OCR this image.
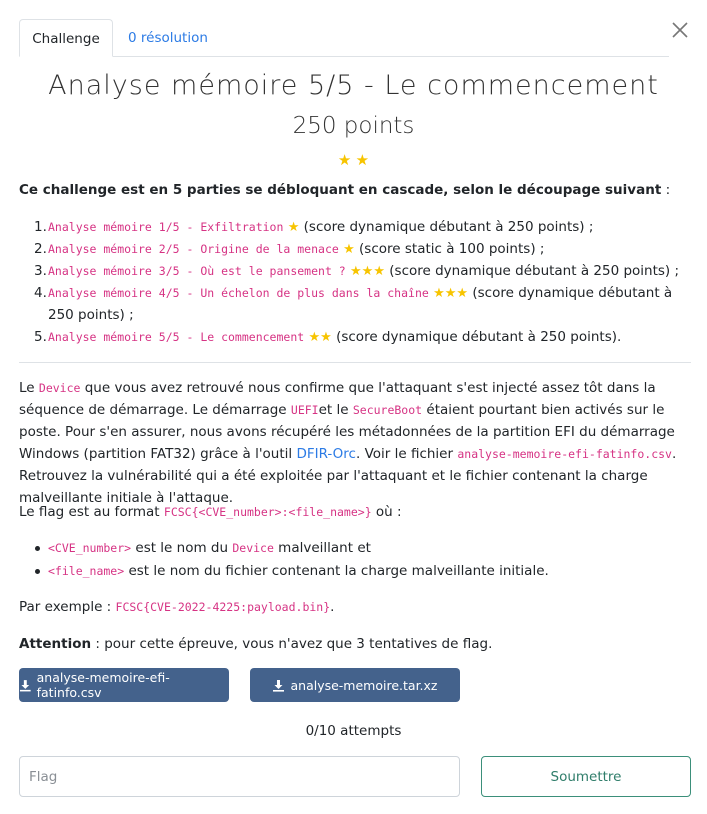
Challenge	0 résolution
Analyse mémoire 5/5 - Le commencement
250 points
★ ★
Ce challenge est en 5 parties se débloquant en cascade, selon le découpage suivant :
1. Analyse mémoire 1/5 - Exfiltration ★ (score dynamique débutant à 250 points) ;
2. Analyse mémoire 2/5 - Origine de la menace ★ (score static à 100 points) ;
3. Analyse mémoire 3/5 - Où est le pansement ? ★★★ (score dynamique débutant à 250 points) ;
4. Analyse mémoire 4/5 - Un échelon de plus dans la chaîne ★★★ (score dynamique débutant à 250 points) ;
5. Analyse mémoire 5/5 - Le commencement ★★ (score dynamique débutant à 250 points).
Le Device que vous avez retrouvé nous confirme que l'attaquant s'est injecté assez tôt dans la séquence de démarrage. Le démarrage UEFIet le SecureBoot étaient pourtant bien activés sur le poste. Pour s'en assurer, nous avons récupéré les métadonnées de la partition EFI du démarrage Windows (partition FAT32) grâce à l'outil DFIR-Orc. Voir le fichier analyse-memoire-efi-fatinfo.csv. Retrouvez la vulnérabilité qui a été exploitée par l'attaquant et le fichier contenant la charge malveillante initiale à l'attaque.
Le flag est au format FCSC{<CVE_number>:<file_name>} où :
<CVE_number> est le nom du Device malveillant et
<file_name> est le nom du fichier contenant la charge malveillante initiale.
Par exemple : FCSC{CVE-2022-4225:payload.bin}.
Attention : pour cette épreuve, vous n'avez que 3 tentatives de flag.
analyse-memoire-efi-fatinfo.csv	analyse-memoire.tar.xz
0/10 attempts
Flag
Soumettre
